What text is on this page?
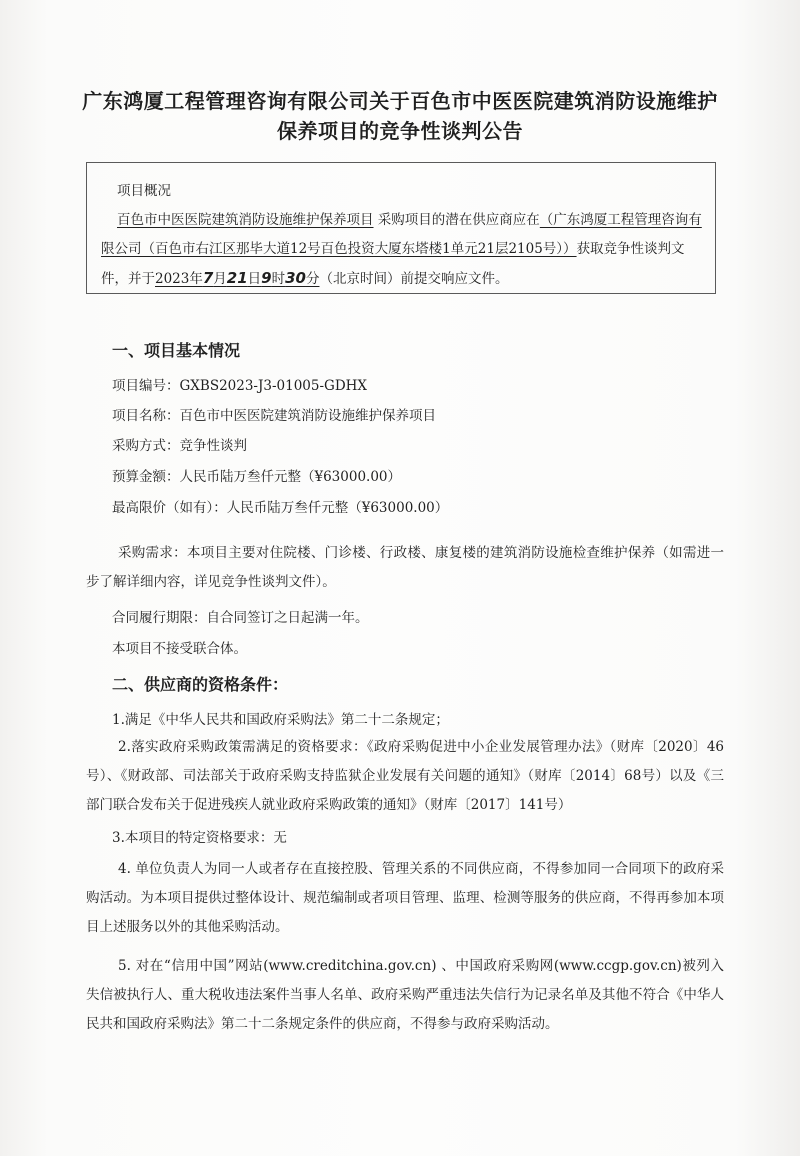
广东鸿厦工程管理咨询有限公司关于百色市中医医院建筑消防设施维护
保养项目的竞争性谈判公告
项目概况
百色市中医医院建筑消防设施维护保养项目 采购项目的潜在供应商应在（广东鸿厦工程管理咨询有限公司（百色市右江区那毕大道12号百色投资大厦东塔楼1单元21层2105号））获取竞争性谈判文件，并于2023年7月21日9时30分（北京时间）前提交响应文件。
一、项目基本情况
项目编号：GXBS2023-J3-01005-GDHX
项目名称：百色市中医医院建筑消防设施维护保养项目
采购方式：竞争性谈判
预算金额：人民币陆万叁仟元整（¥63000.00）
最高限价（如有）：人民币陆万叁仟元整（¥63000.00）
采购需求：本项目主要对住院楼、门诊楼、行政楼、康复楼的建筑消防设施检查维护保养（如需进一步了解详细内容，详见竞争性谈判文件）。
合同履行期限：自合同签订之日起满一年。
本项目不接受联合体。
二、供应商的资格条件：
1.满足《中华人民共和国政府采购法》第二十二条规定；
2.落实政府采购政策需满足的资格要求：《政府采购促进中小企业发展管理办法》（财库〔2020〕46号）、《财政部、司法部关于政府采购支持监狱企业发展有关问题的通知》（财库〔2014〕68号）以及《三部门联合发布关于促进残疾人就业政府采购政策的通知》（财库〔2017〕141号）
3.本项目的特定资格要求：无
4. 单位负责人为同一人或者存在直接控股、管理关系的不同供应商，不得参加同一合同项下的政府采购活动。为本项目提供过整体设计、规范编制或者项目管理、监理、检测等服务的供应商，不得再参加本项目上述服务以外的其他采购活动。
5. 对在“信用中国”网站(www.creditchina.gov.cn) 、中国政府采购网(www.ccgp.gov.cn)被列入失信被执行人、重大税收违法案件当事人名单、政府采购严重违法失信行为记录名单及其他不符合《中华人民共和国政府采购法》第二十二条规定条件的供应商，不得参与政府采购活动。
